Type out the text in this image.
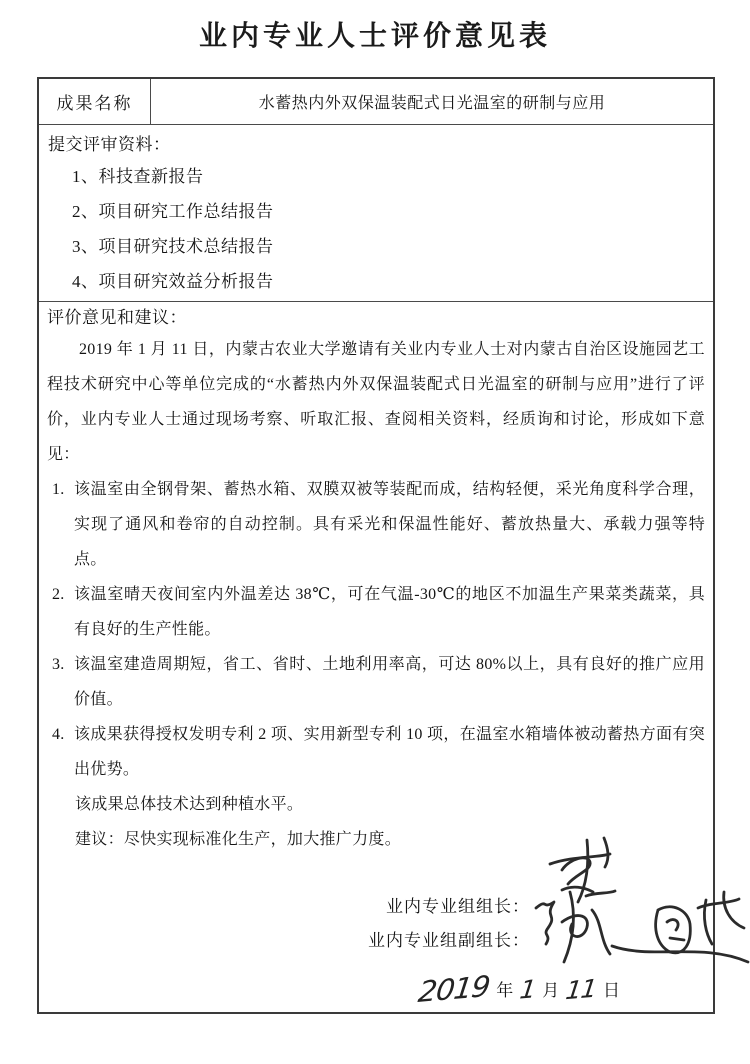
业内专业人士评价意见表
成果名称	水蓄热内外双保温装配式日光温室的研制与应用
提交评审资料：
1、科技查新报告
2、项目研究工作总结报告
3、项目研究技术总结报告
4、项目研究效益分析报告
评价意见和建议：

2019 年 1 月 11 日，内蒙古农业大学邀请有关业内专业人士对内蒙古自治区设施园艺工程技术研究中心等单位完成的“水蓄热内外双保温装配式日光温室的研制与应用”进行了评价，业内专业人士通过现场考察、听取汇报、查阅相关资料，经质询和讨论，形成如下意见：

1. 该温室由全钢骨架、蓄热水箱、双膜双被等装配而成，结构轻便，采光角度科学合理，实现了通风和卷帘的自动控制。具有采光和保温性能好、蓄放热量大、承载力强等特点。
2. 该温室晴天夜间室内外温差达 38℃，可在气温-30℃的地区不加温生产果菜类蔬菜，具有良好的生产性能。
3. 该温室建造周期短，省工、省时、土地利用率高，可达 80%以上，具有良好的推广应用价值。
4. 该成果获得授权发明专利 2 项、实用新型专利 10 项，在温室水箱墙体被动蓄热方面有突出优势。

该成果总体技术达到种植水平。

建议：尽快实现标准化生产，加大推广力度。

业内专业组组长：
业内专业组副组长：
2019 年 1 月 11 日
